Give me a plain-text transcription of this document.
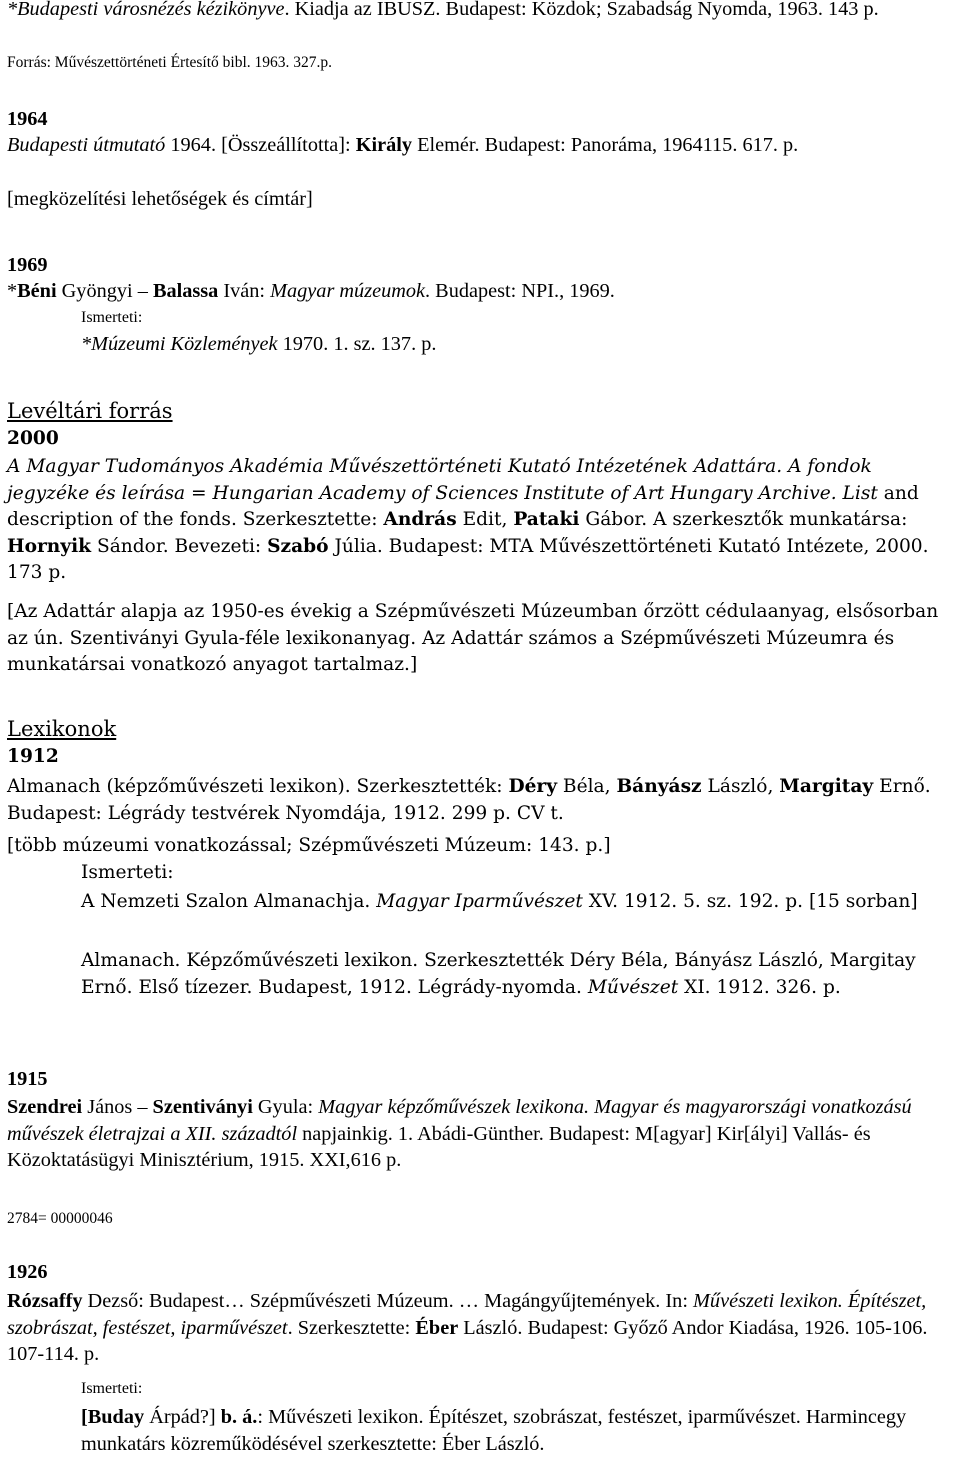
*Budapesti városnézés kézikönyve. Kiadja az IBUSZ. Budapest: Közdok; Szabadság Nyomda, 1963. 143 p.

Forrás: Művészettörténeti Értesítő bibl. 1963. 327.p.

1964

Budapesti útmutató 1964. [Összeállította]: Király Elemér. Budapest: Panoráma, 1964115. 617. p.

[megközelítési lehetőségek és címtár]

1969

*Béni Gyöngyi – Balassa Iván: Magyar múzeumok. Budapest: NPI., 1969.

Ismerteti:

*Múzeumi Közlemények 1970. 1. sz. 137. p.

Levéltári forrás

2000

A Magyar Tudományos Akadémia Művészettörténeti Kutató Intézetének Adattára. A fondok jegyzéke és leírása = Hungarian Academy of Sciences Institute of Art Hungary Archive. List and description of the fonds. Szerkesztette: András Edit, Pataki Gábor. A szerkesztők munkatársa: Hornyik Sándor. Bevezeti: Szabó Júlia. Budapest: MTA Művészettörténeti Kutató Intézete, 2000. 173 p.

[Az Adattár alapja az 1950-es évekig a Szépművészeti Múzeumban őrzött cédulaanyag, elsősorban az ún. Szentiványi Gyula-féle lexikonanyag. Az Adattár számos a Szépművészeti Múzeumra és munkatársai vonatkozó anyagot tartalmaz.]

Lexikonok

1912

Almanach (képzőművészeti lexikon). Szerkesztették: Déry Béla, Bányász László, Margitay Ernő. Budapest: Légrády testvérek Nyomdája, 1912. 299 p. CV t.

[több múzeumi vonatkozással; Szépművészeti Múzeum: 143. p.]

Ismerteti:

A Nemzeti Szalon Almanachja. Magyar Iparművészet XV. 1912. 5. sz. 192. p. [15 sorban]

Almanach. Képzőművészeti lexikon. Szerkesztették Déry Béla, Bányász László, Margitay Ernő. Első tízezer. Budapest, 1912. Légrády-nyomda. Művészet XI. 1912. 326. p.

1915

Szendrei János – Szentiványi Gyula: Magyar képzőművészek lexikona. Magyar és magyarországi vonatkozású művészek életrajzai a XII. századtól napjainkig. 1. Abádi-Günther. Budapest: M[agyar] Kir[ályi] Vallás- és Közoktatásügyi Minisztérium, 1915. XXI,616 p.

2784= 00000046

1926

Rózsaffy Dezső: Budapest… Szépművészeti Múzeum. … Magángyűjtemények. In: Művészeti lexikon. Építészet, szobrászat, festészet, iparművészet. Szerkesztette: Éber László. Budapest: Győző Andor Kiadása, 1926. 105-106. 107-114. p.

Ismerteti:

[Buday Árpád?] b. á.: Művészeti lexikon. Építészet, szobrászat, festészet, iparművészet. Harmincegy munkatárs közreműködésével szerkesztette: Éber László.
